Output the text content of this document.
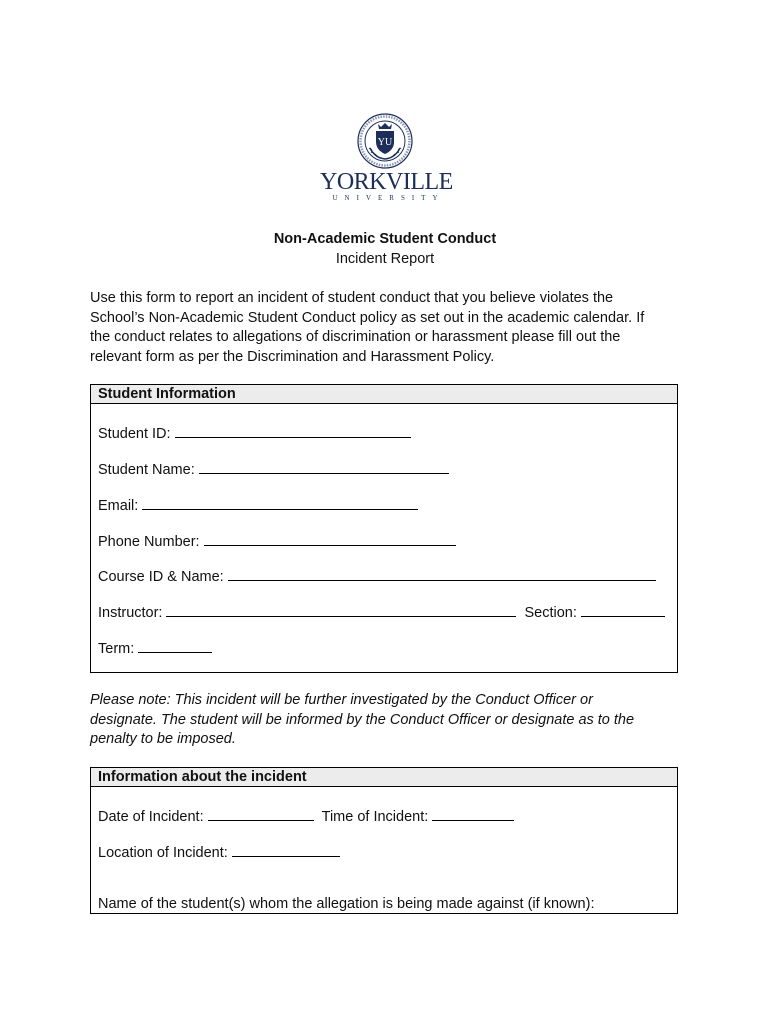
YU
YORKVILLE
UNIVERSITY
Non-Academic Student Conduct
Incident Report

Use this form to report an incident of student conduct that you believe violates the

School’s Non-Academic Student Conduct policy as set out in the academic calendar. If

the conduct relates to allegations of discrimination or harassment please fill out the

relevant form as per the Discrimination and Harassment Policy.

Student Information
Student ID:
Student Name:
Email:
Phone Number:
Course ID & Name:
Instructor:	Section:
Term:

Please note: This incident will be further investigated by the Conduct Officer or

designate. The student will be informed by the Conduct Officer or designate as to the

penalty to be imposed.

Information about the incident
Date of Incident:	Time of Incident:
Location of Incident:
Name of the student(s) whom the allegation is being made against (if known):
